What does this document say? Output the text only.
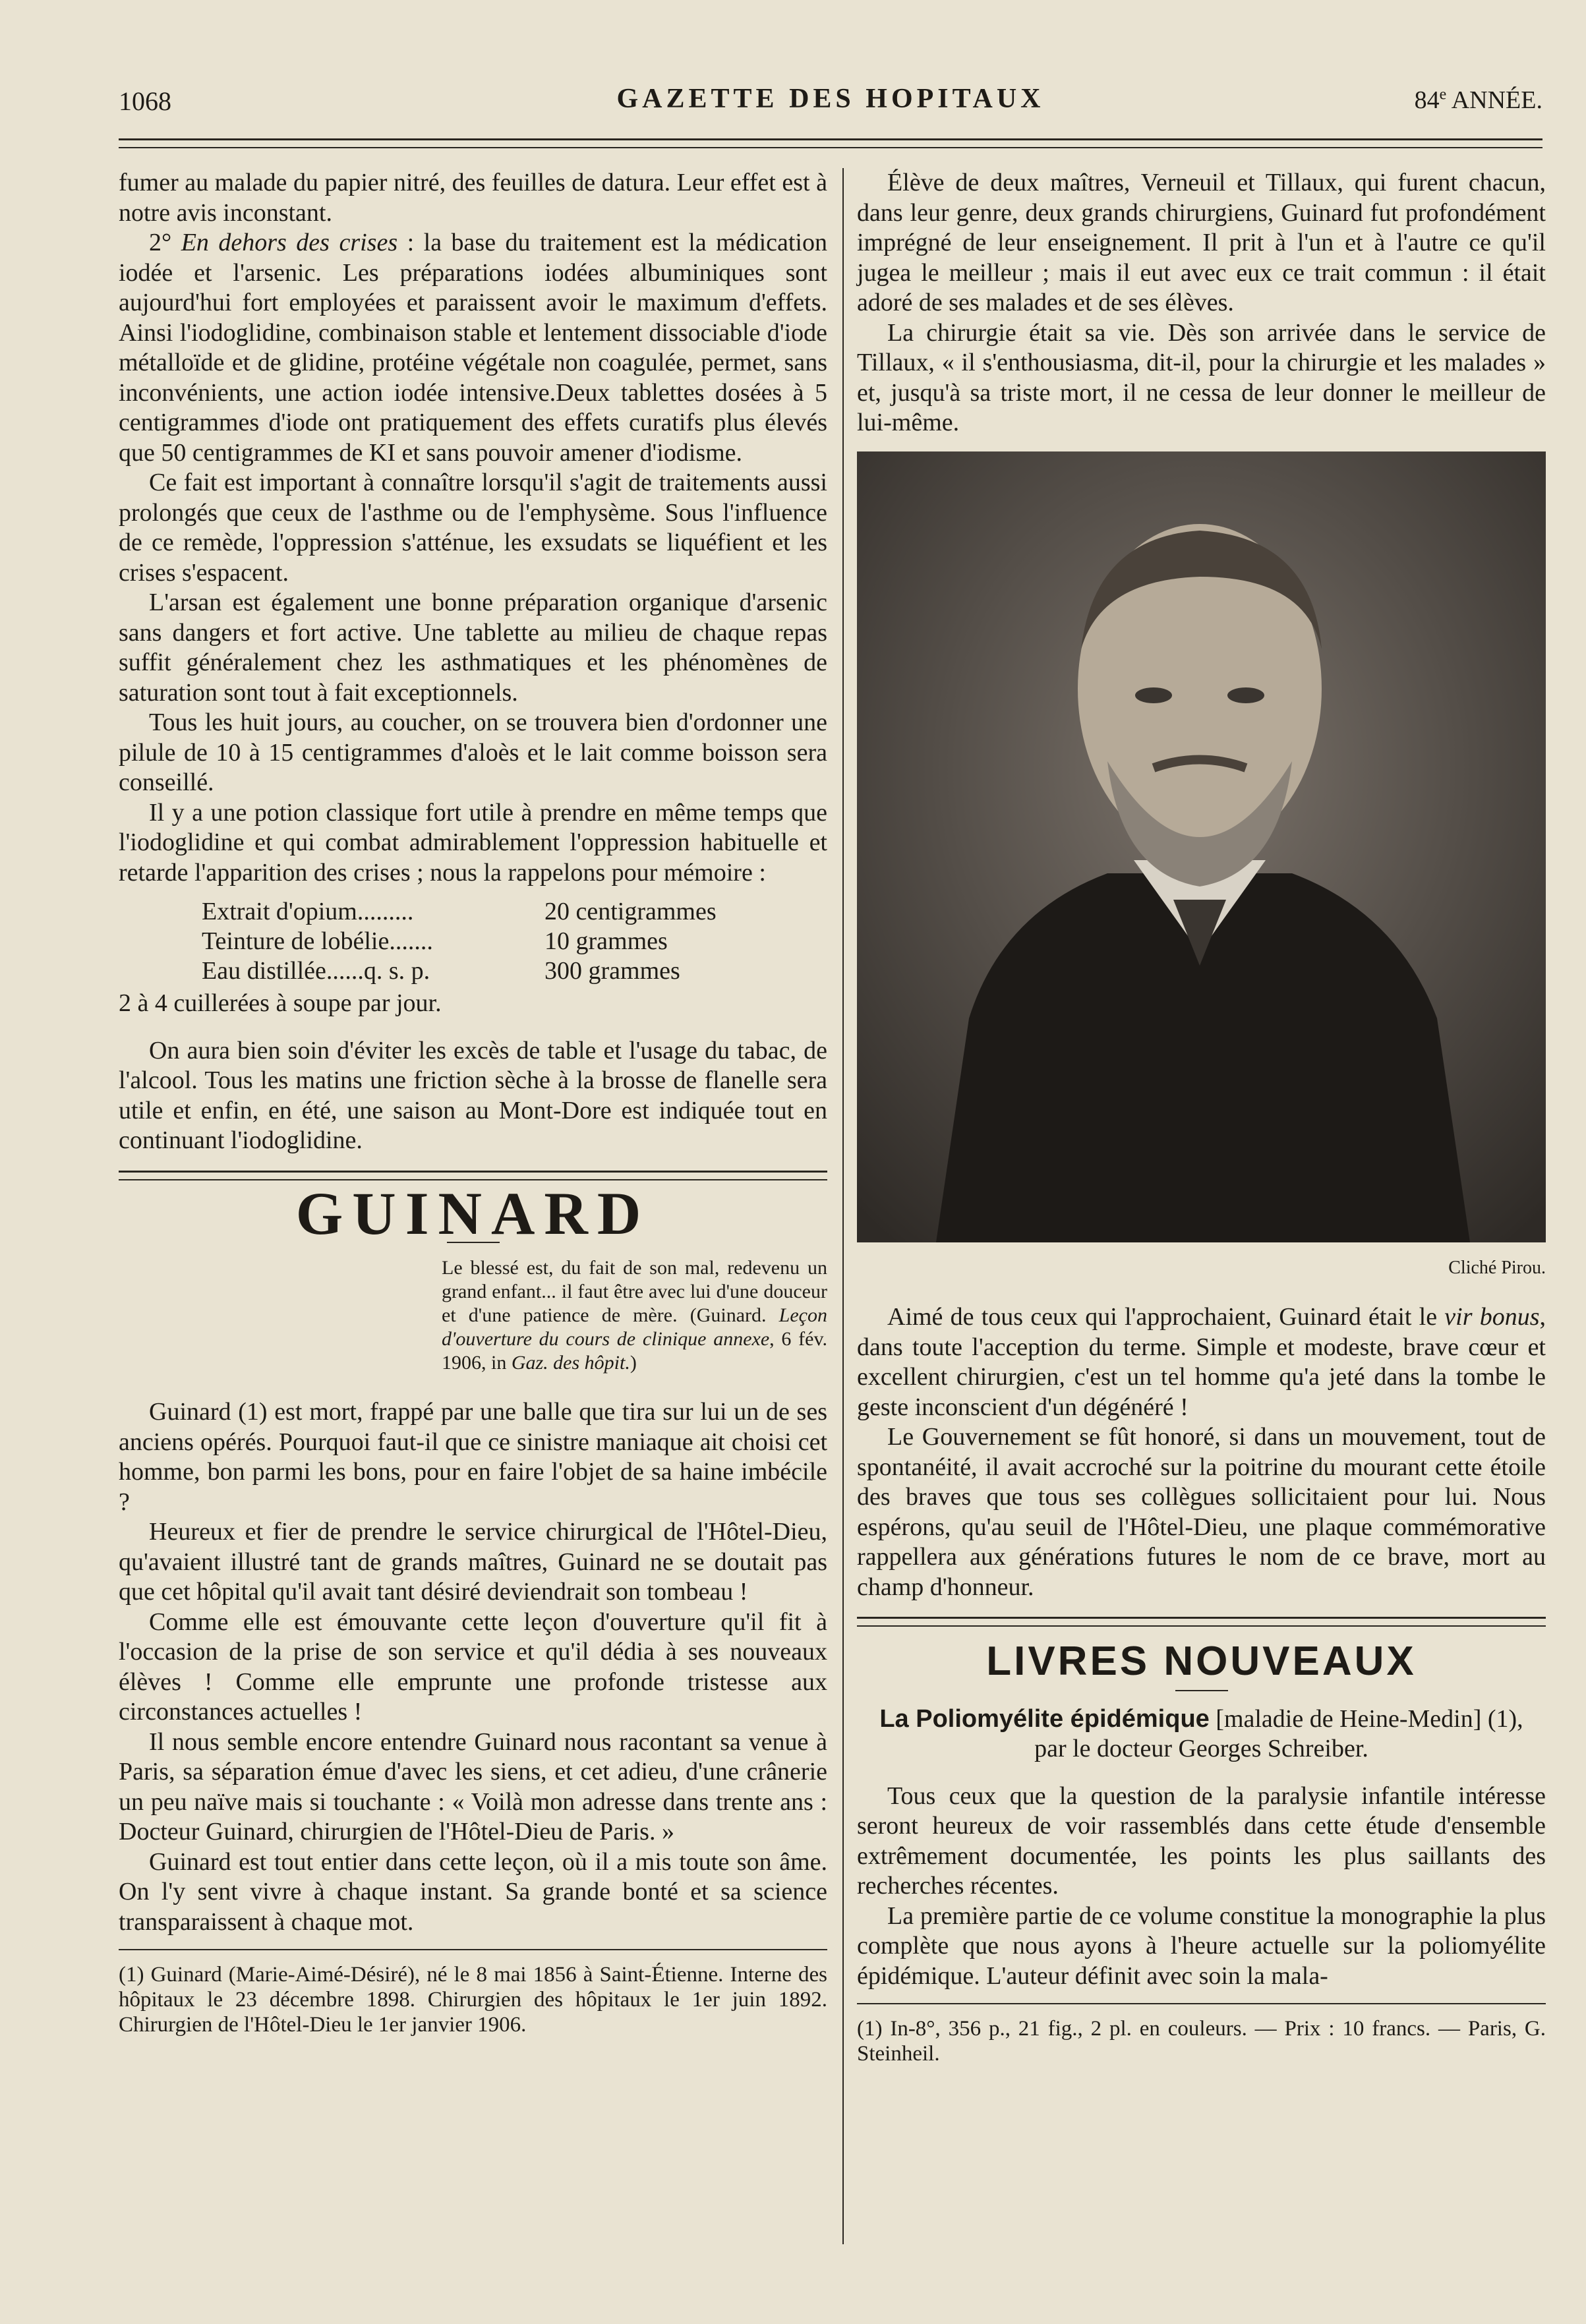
1068	GAZETTE DES HOPITAUX	84e ANNÉE.

fumer au malade du papier nitré, des feuilles de datura. Leur effet est à notre avis inconstant.

2° En dehors des crises : la base du traitement est la médication iodée et l'arsenic. Les préparations iodées albuminiques sont aujourd'hui fort employées et paraissent avoir le maximum d'effets. Ainsi l'iodoglidine, combinaison stable et lentement dissociable d'iode métalloïde et de glidine, protéine végétale non coagulée, permet, sans inconvénients, une action iodée intensive.Deux tablettes dosées à 5 centigrammes d'iode ont pratiquement des effets curatifs plus élevés que 50 centigrammes de KI et sans pouvoir amener d'iodisme.

Ce fait est important à connaître lorsqu'il s'agit de traitements aussi prolongés que ceux de l'asthme ou de l'emphysème. Sous l'influence de ce remède, l'oppression s'atténue, les exsudats se liquéfient et les crises s'espacent.

L'arsan est également une bonne préparation organique d'arsenic sans dangers et fort active. Une tablette au milieu de chaque repas suffit généralement chez les asthmatiques et les phénomènes de saturation sont tout à fait exceptionnels.

Tous les huit jours, au coucher, on se trouvera bien d'ordonner une pilule de 10 à 15 centigrammes d'aloès et le lait comme boisson sera conseillé.

Il y a une potion classique fort utile à prendre en même temps que l'iodoglidine et qui combat admirablement l'oppression habituelle et retarde l'apparition des crises ; nous la rappelons pour mémoire :

Extrait d'opium.........	20 centigrammes
Teinture de lobélie.......	10 grammes
Eau distillée......q. s. p.	300 grammes

2 à 4 cuillerées à soupe par jour.

On aura bien soin d'éviter les excès de table et l'usage du tabac, de l'alcool. Tous les matins une friction sèche à la brosse de flanelle sera utile et enfin, en été, une saison au Mont-Dore est indiquée tout en continuant l'iodoglidine.

GUINARD
Le blessé est, du fait de son mal, redevenu un grand enfant... il faut être avec lui d'une douceur et d'une patience de mère. (Guinard. Leçon d'ouverture du cours de clinique annexe, 6 fév. 1906, in Gaz. des hôpit.)

Guinard (1) est mort, frappé par une balle que tira sur lui un de ses anciens opérés. Pourquoi faut-il que ce sinistre maniaque ait choisi cet homme, bon parmi les bons, pour en faire l'objet de sa haine imbécile ?

Heureux et fier de prendre le service chirurgical de l'Hôtel-Dieu, qu'avaient illustré tant de grands maîtres, Guinard ne se doutait pas que cet hôpital qu'il avait tant désiré deviendrait son tombeau !

Comme elle est émouvante cette leçon d'ouverture qu'il fit à l'occasion de la prise de son service et qu'il dédia à ses nouveaux élèves ! Comme elle emprunte une profonde tristesse aux circonstances actuelles !

Il nous semble encore entendre Guinard nous racontant sa venue à Paris, sa séparation émue d'avec les siens, et cet adieu, d'une crânerie un peu naïve mais si touchante : « Voilà mon adresse dans trente ans : Docteur Guinard, chirurgien de l'Hôtel-Dieu de Paris. »

Guinard est tout entier dans cette leçon, où il a mis toute son âme. On l'y sent vivre à chaque instant. Sa grande bonté et sa science transparaissent à chaque mot.

(1) Guinard (Marie-Aimé-Désiré), né le 8 mai 1856 à Saint-Étienne. Interne des hôpitaux le 23 décembre 1898. Chirurgien des hôpitaux le 1er juin 1892. Chirurgien de l'Hôtel-Dieu le 1er janvier 1906.

Élève de deux maîtres, Verneuil et Tillaux, qui furent chacun, dans leur genre, deux grands chirurgiens, Guinard fut profondément imprégné de leur enseignement. Il prit à l'un et à l'autre ce qu'il jugea le meilleur ; mais il eut avec eux ce trait commun : il était adoré de ses malades et de ses élèves.

La chirurgie était sa vie. Dès son arrivée dans le service de Tillaux, « il s'enthousiasma, dit-il, pour la chirurgie et les malades » et, jusqu'à sa triste mort, il ne cessa de leur donner le meilleur de lui-même.

Cliché Pirou.

Aimé de tous ceux qui l'approchaient, Guinard était le vir bonus, dans toute l'acception du terme. Simple et modeste, brave cœur et excellent chirurgien, c'est un tel homme qu'a jeté dans la tombe le geste inconscient d'un dégénéré !

Le Gouvernement se fût honoré, si dans un mouvement, tout de spontanéité, il avait accroché sur la poitrine du mourant cette étoile des braves que tous ses collègues sollicitaient pour lui. Nous espérons, qu'au seuil de l'Hôtel-Dieu, une plaque commémorative rappellera aux générations futures le nom de ce brave, mort au champ d'honneur.

LIVRES NOUVEAUX
La Poliomyélite épidémique [maladie de Heine-Medin] (1),
par le docteur Georges Schreiber.

Tous ceux que la question de la paralysie infantile intéresse seront heureux de voir rassemblés dans cette étude d'ensemble extrêmement documentée, les points les plus saillants des recherches récentes.

La première partie de ce volume constitue la monographie la plus complète que nous ayons à l'heure actuelle sur la poliomyélite épidémique. L'auteur définit avec soin la mala-

(1) In-8°, 356 p., 21 fig., 2 pl. en couleurs. — Prix : 10 francs. — Paris, G. Steinheil.
